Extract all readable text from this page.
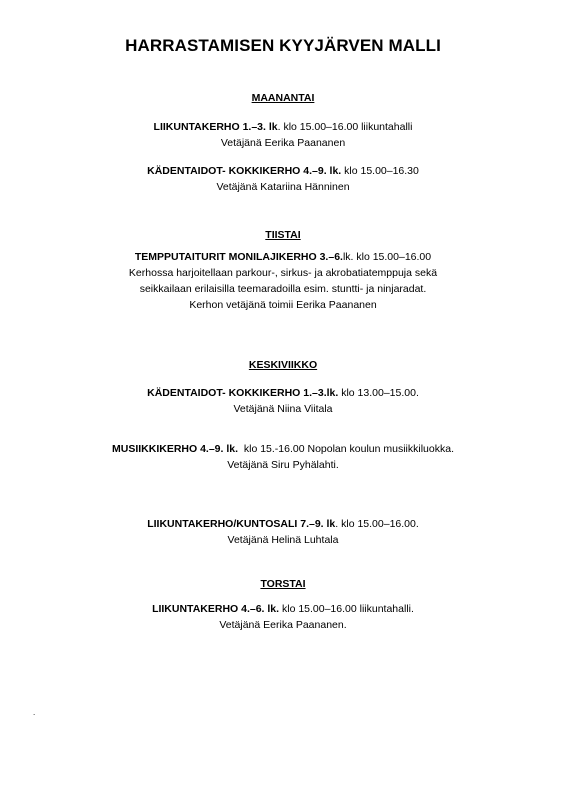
HARRASTAMISEN KYYJÄRVEN MALLI
MAANANTAI
LIIKUNTAKERHO 1.–3. lk. klo 15.00–16.00 liikuntahalli
Vetäjänä Eerika Paananen
KÄDENTAIDOT- KOKKIKERHO 4.–9. lk. klo 15.00–16.30
Vetäjänä Katariina Hänninen
TIISTAI
TEMPPUTAITURIT MONILAJIKERHO 3.–6.lk. klo 15.00–16.00
Kerhossa harjoitellaan parkour-, sirkus- ja akrobatiatemppuja sekä
seikkailaan erilaisilla teemaradoilla esim. stuntti- ja ninjaradat.
Kerhon vetäjänä toimii Eerika Paananen
KESKIVIIKKO
KÄDENTAIDOT- KOKKIKERHO 1.–3.lk. klo 13.00–15.00.
Vetäjänä Niina Viitala
MUSIIKKIKERHO 4.–9. lk.  klo 15.-16.00 Nopolan koulun musiikkiluokka.
Vetäjänä Siru Pyhälahti.
LIIKUNTAKERHO/KUNTOSALI 7.–9. lk. klo 15.00–16.00.
Vetäjänä Helinä Luhtala
TORSTAI
LIIKUNTAKERHO 4.–6. lk. klo 15.00–16.00 liikuntahalli.
Vetäjänä Eerika Paananen.
.
